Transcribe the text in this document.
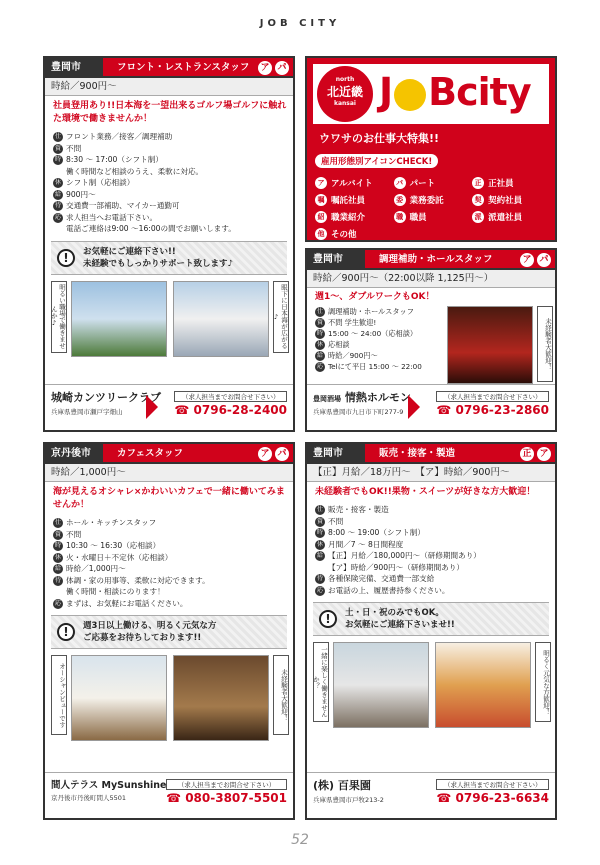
JOB CITY
豊岡市	フロント・レストランスタッフ ア パ
時給／900円～
社員登用あり!!日本海を一望出来るゴルフ場ゴルフに触れた環境で働きませんか！
仕 フロント業務／接客／調理補助
資 不問
時 8:30 ～ 17:00（シフト制）
働く時間など相談のうえ、柔軟に対応。
休 シフト制（応相談）
給 900円～
待 交通費一部補助、マイカー通勤可
応 求人担当へお電話下さい。
電話ご連絡は9:00 ～16:00の間でお願いします。
!	お気軽にご連絡下さい!!
未経験でもしっかりサポート致します♪
明るい職場で働きませんか♪	眼下に日本海が広がる♪
城崎カンツリークラブ
兵庫県豊岡市瀬戸字畑山
（求人担当までお問合せ下さい）
☎ 0796-28-2400
north
北近畿
kansai J Bcity
ウワサのお仕事大特集!!
雇用形態別アイコンCHECK!
ア アルバイト	パ パート	正 正社員
嘱 嘱託社員	委 業務委託	契 契約社員
紹 職業紹介	職 職員	派 派遣社員
他 その他
豊岡市	調理補助・ホールスタッフ	ア パ
時給／900円～（22:00以降 1,125円～）
週1～、ダブルワークもOK！
仕 調理補助・ホールスタッフ
資 不問 学生歓迎!
時 15:00 ～ 24:00（応相談）
休 応相談
給 時給／900円～
応 Telにて平日 15:00 ～ 22:00	未経験者大歓迎！
豊岡酒場 情熱ホルモン
兵庫県豊岡市九日市下町277-9
（求人担当までお問合せ下さい）
☎ 0796-23-2860
京丹後市	カフェスタッフ	ア パ
時給／1,000円～
海が見えるオシャレ×かわいいカフェで一緒に働いてみませんか！
仕 ホール・キッチンスタッフ
資 不問
時 10:30 ～ 16:30（応相談）
休 火・水曜日＋不定休（応相談）
給 時給／1,000円～
待 体調・家の用事等、柔軟に対応できます。
働く時間・相談にのります！
応 まずは、お気軽にお電話ください。
!	週3日以上働ける、明るく元気な方
ご応募をお待ちしております!!
オーシャンビューです	未経験者大歓迎！
間人テラス MySunshine
京丹後市丹後町間人5501
（求人担当までお問合せ下さい）
☎ 080-3807-5501
豊岡市	販売・接客・製造	正 ア
【正】月給／18万円～　【ア】時給／900円～
未経験者でもOK!!果物・スイーツが好きな方大歓迎！
仕 販売・接客・製造
資 不問
時 8:00 ～ 19:00（シフト制）
休 月間／7 ～ 8日間程度
給 【正】月給／180,000円～（研修期間あり）
【ア】時給／900円～（研修期間あり）
待 各種保険完備、交通費一部支給
応 お電話の上、履歴書持参ください。
!	土・日・祝のみでもOK。
お気軽にご連絡下さいませ!!
一緒に楽しく働きませんか？	明るく元気な方歓迎！
(株) 百果園
兵庫県豊岡市戸牧213-2
（求人担当までお問合せ下さい）
☎ 0796-23-6634
52
